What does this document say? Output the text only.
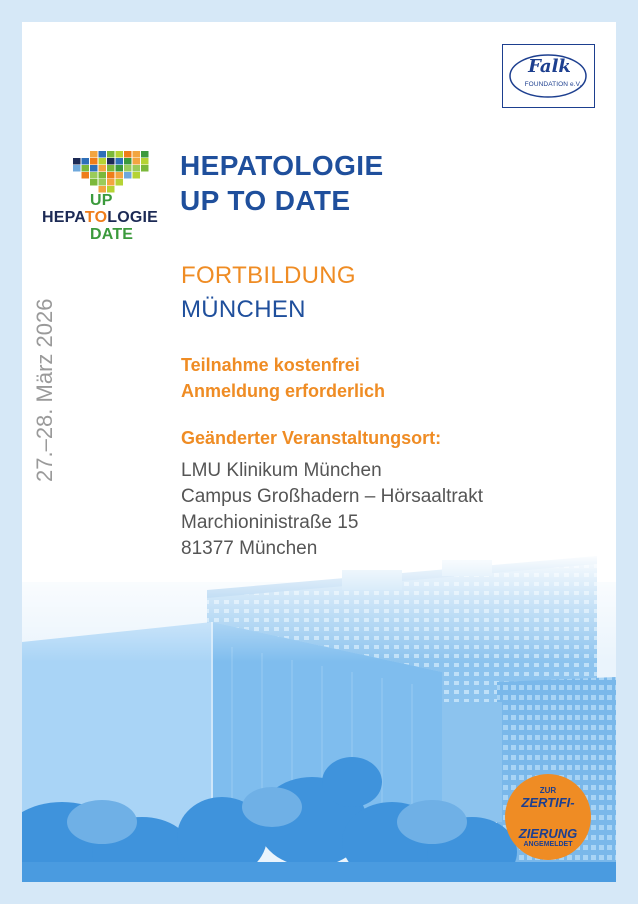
Falk
FOUNDATION e.V.
UP
HEPATOLOGIE
DATE
27.–28. März 2026
HEPATOLOGIE
UP TO DATE
FORTBILDUNG
MÜNCHEN
Teilnahme kostenfrei
Anmeldung erforderlich
Geänderter Veranstaltungsort:
LMU Klinikum München
Campus Großhadern – Hörsaaltrakt
Marchioninistraße 15
81377 München
ZUR
ZERTIFI-
ZIERUNG
ANGEMELDET
